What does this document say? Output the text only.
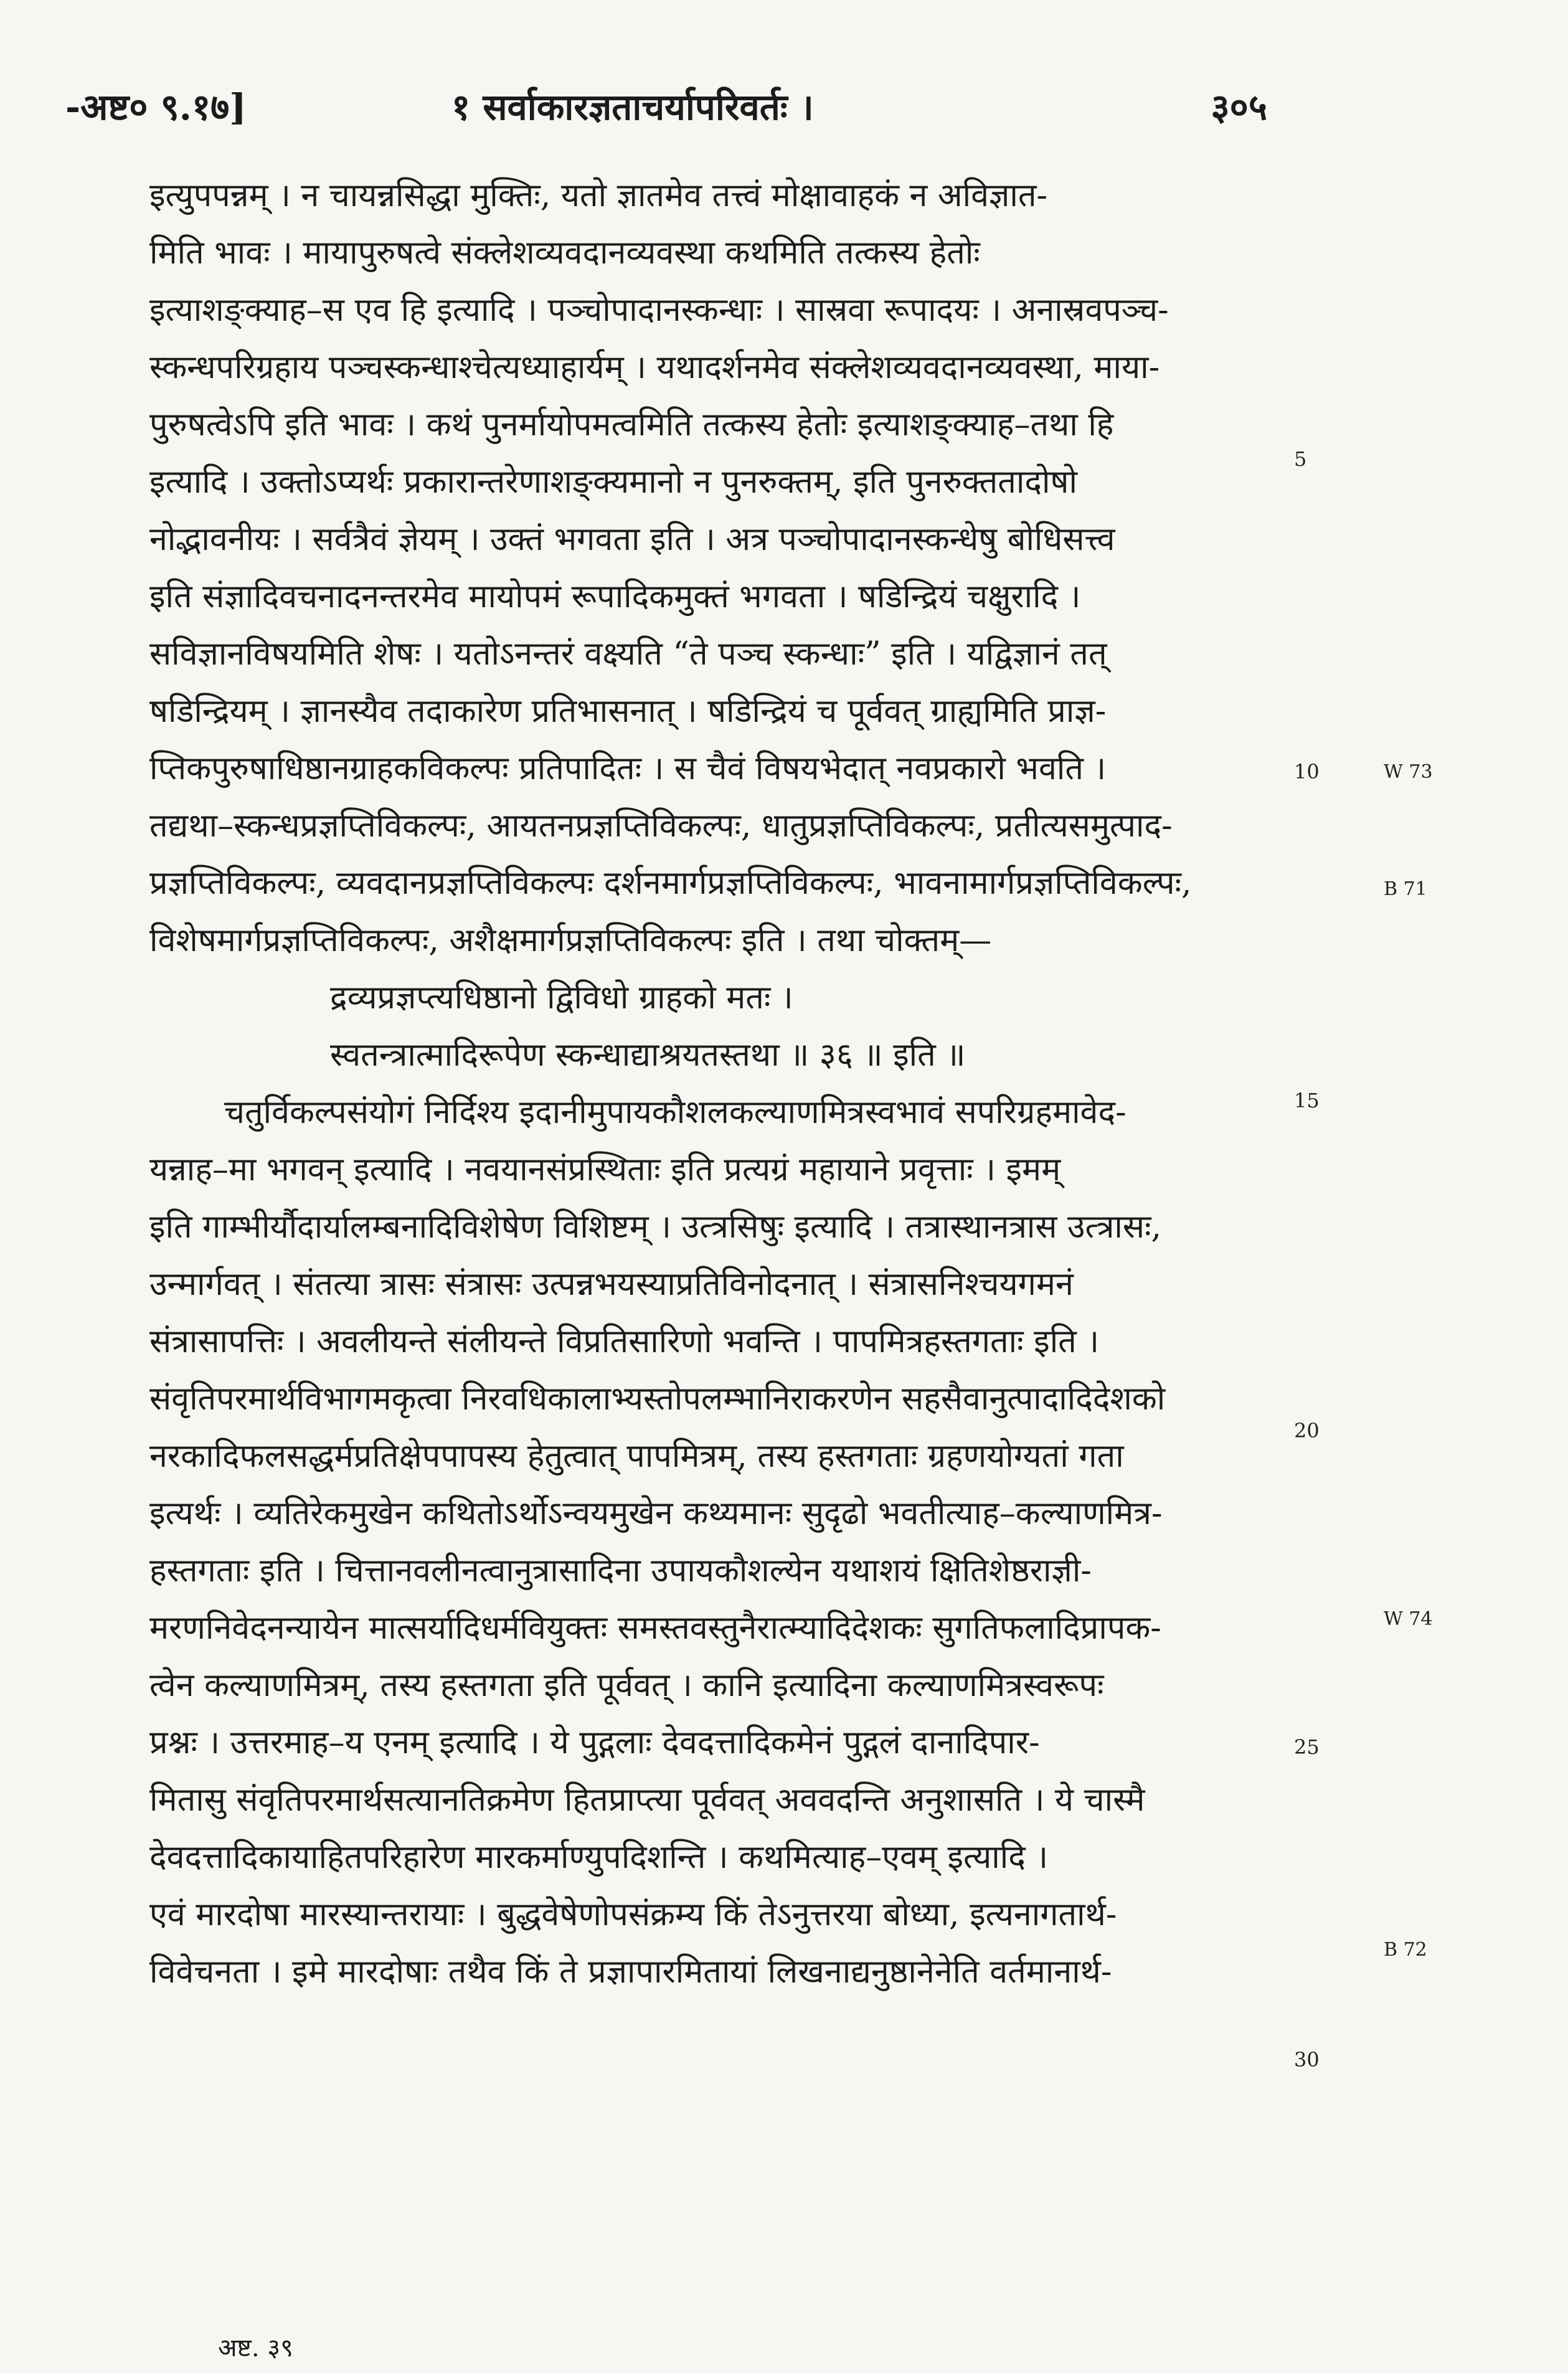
-अष्ट० ९.१७]	१ सर्वाकारज्ञताचर्यापरिवर्तः ।	३०५
इत्युपपन्नम् । न चायन्नसिद्धा मुक्तिः, यतो ज्ञातमेव तत्त्वं मोक्षावाहकं न अविज्ञात-
मिति भावः । मायापुरुषत्वे संक्लेशव्यवदानव्यवस्था कथमिति तत्कस्य हेतोः
इत्याशङ्क्याह–स एव हि इत्यादि । पञ्चोपादानस्कन्धाः । सास्रवा रूपादयः । अनास्रवपञ्च-
स्कन्धपरिग्रहाय पञ्चस्कन्धाश्चेत्यध्याहार्यम् । यथादर्शनमेव संक्लेशव्यवदानव्यवस्था, माया-
पुरुषत्वेऽपि इति भावः । कथं पुनर्मायोपमत्वमिति तत्कस्य हेतोः इत्याशङ्क्याह–तथा हि
इत्यादि । उक्तोऽप्यर्थः प्रकारान्तरेणाशङ्क्यमानो न पुनरुक्तम्, इति पुनरुक्ततादोषो
नोद्भावनीयः । सर्वत्रैवं ज्ञेयम् । उक्तं भगवता इति । अत्र पञ्चोपादानस्कन्धेषु बोधिसत्त्व
इति संज्ञादिवचनादनन्तरमेव मायोपमं रूपादिकमुक्तं भगवता । षडिन्द्रियं चक्षुरादि ।
सविज्ञानविषयमिति शेषः । यतोऽनन्तरं वक्ष्यति “ते पञ्च स्कन्धाः” इति । यद्विज्ञानं तत्
षडिन्द्रियम् । ज्ञानस्यैव तदाकारेण प्रतिभासनात् । षडिन्द्रियं च पूर्ववत् ग्राह्यमिति प्राज्ञ-
प्तिकपुरुषाधिष्ठानग्राहकविकल्पः प्रतिपादितः । स चैवं विषयभेदात् नवप्रकारो भवति ।
तद्यथा–स्कन्धप्रज्ञप्तिविकल्पः, आयतनप्रज्ञप्तिविकल्पः, धातुप्रज्ञप्तिविकल्पः, प्रतीत्यसमुत्पाद-
प्रज्ञप्तिविकल्पः, व्यवदानप्रज्ञप्तिविकल्पः दर्शनमार्गप्रज्ञप्तिविकल्पः, भावनामार्गप्रज्ञप्तिविकल्पः,
विशेषमार्गप्रज्ञप्तिविकल्पः, अशैक्षमार्गप्रज्ञप्तिविकल्पः इति । तथा चोक्तम्—
द्रव्यप्रज्ञप्त्यधिष्ठानो द्विविधो ग्राहको मतः ।
स्वतन्त्रात्मादिरूपेण स्कन्धाद्याश्रयतस्तथा ॥ ३६ ॥ इति ॥
चतुर्विकल्पसंयोगं निर्दिश्य इदानीमुपायकौशलकल्याणमित्रस्वभावं सपरिग्रहमावेद-
यन्नाह–मा भगवन् इत्यादि । नवयानसंप्रस्थिताः इति प्रत्यग्रं महायाने प्रवृत्ताः । इमम्
इति गाम्भीर्यौदार्यालम्बनादिविशेषेण विशिष्टम् । उत्त्रसिषुः इत्यादि । तत्रास्थानत्रास उत्त्रासः,
उन्मार्गवत् । संतत्या त्रासः संत्रासः उत्पन्नभयस्याप्रतिविनोदनात् । संत्रासनिश्चयगमनं
संत्रासापत्तिः । अवलीयन्ते संलीयन्ते विप्रतिसारिणो भवन्ति । पापमित्रहस्तगताः इति ।
संवृतिपरमार्थविभागमकृत्वा निरवधिकालाभ्यस्तोपलम्भानिराकरणेन सहसैवानुत्पादादिदेशको
नरकादिफलसद्धर्मप्रतिक्षेपपापस्य हेतुत्वात् पापमित्रम्, तस्य हस्तगताः ग्रहणयोग्यतां गता
इत्यर्थः । व्यतिरेकमुखेन कथितोऽर्थोऽन्वयमुखेन कथ्यमानः सुदृढो भवतीत्याह–कल्याणमित्र-
हस्तगताः इति । चित्तानवलीनत्वानुत्रासादिना उपायकौशल्येन यथाशयं क्षितिशेष्ठराज्ञी-
मरणनिवेदनन्यायेन मात्सर्यादिधर्मवियुक्तः समस्तवस्तुनैरात्म्यादिदेशकः सुगतिफलादिप्रापक-
त्वेन कल्याणमित्रम्, तस्य हस्तगता इति पूर्ववत् । कानि इत्यादिना कल्याणमित्रस्वरूपः
प्रश्नः । उत्तरमाह–य एनम् इत्यादि । ये पुद्गलाः देवदत्तादिकमेनं पुद्गलं दानादिपार-
मितासु संवृतिपरमार्थसत्यानतिक्रमेण हितप्राप्त्या पूर्ववत् अववदन्ति अनुशासति । ये चास्मै
देवदत्तादिकायाहितपरिहारेण मारकर्माण्युपदिशन्ति । कथमित्याह–एवम् इत्यादि ।
एवं मारदोषा मारस्यान्तरायाः । बुद्धवेषेणोपसंक्रम्य किं तेऽनुत्तरया बोध्या, इत्यनागतार्थ-
विवेचनता । इमे मारदोषाः तथैव किं ते प्रज्ञापारमितायां लिखनाद्यनुष्ठानेनेति वर्तमानार्थ-
5
10
15
20
25
30
W 73
B 71
W 74
B 72
अष्ट. ३९
